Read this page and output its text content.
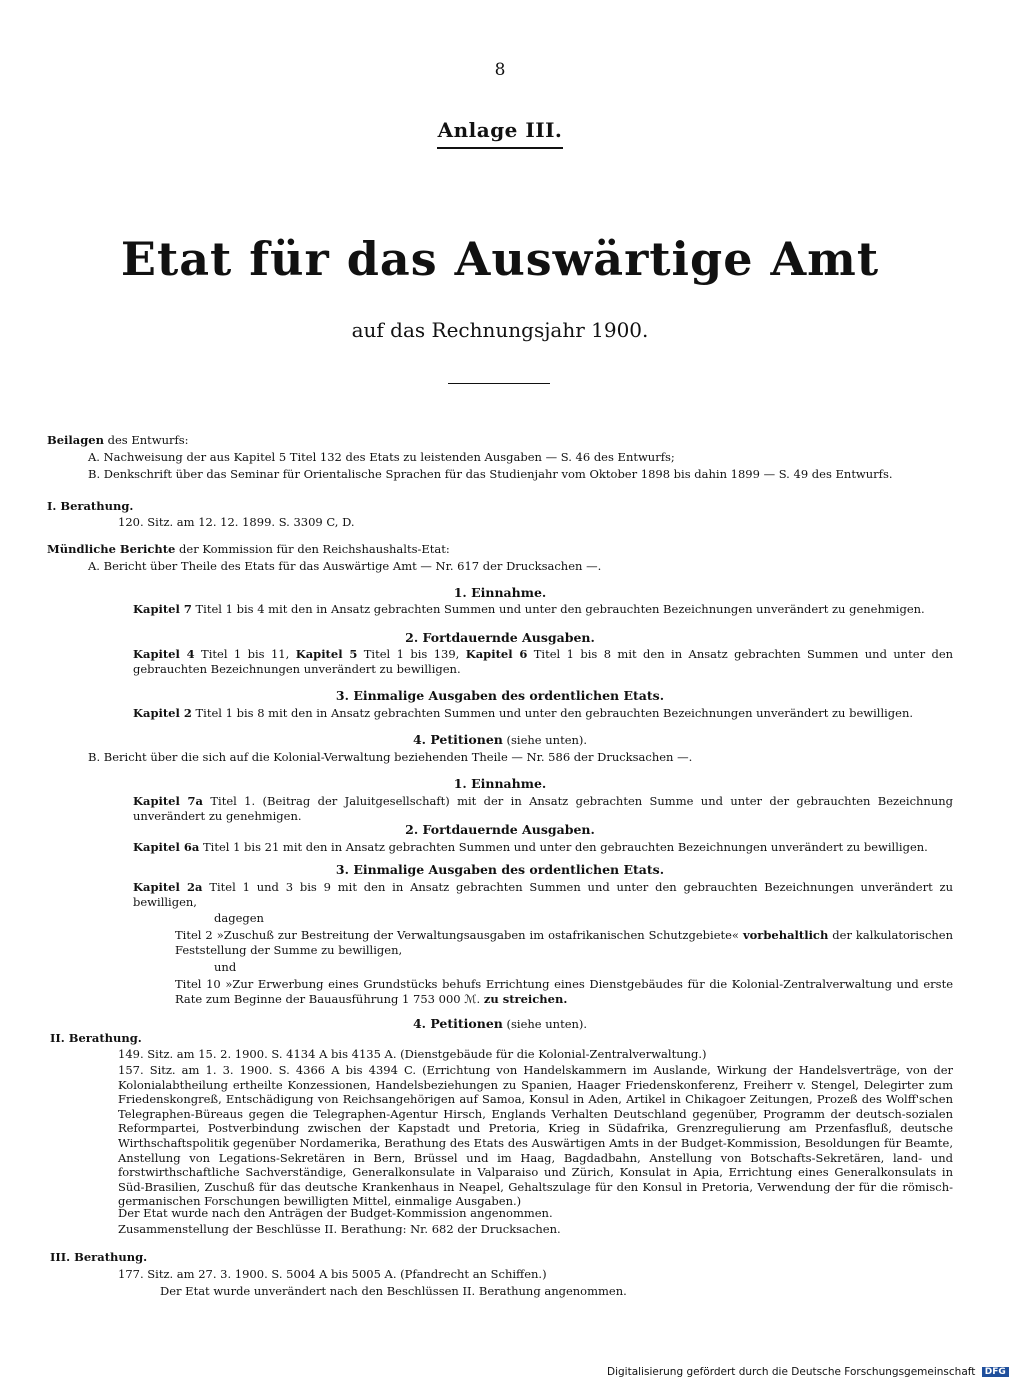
8
Anlage III.
Etat für das Auswärtige Amt
auf das Rechnungsjahr 1900.
Beilagen des Entwurfs:
A. Nachweisung der aus Kapitel 5 Titel 132 des Etats zu leistenden Ausgaben — S. 46 des Entwurfs;
B. Denkschrift über das Seminar für Orientalische Sprachen für das Studienjahr vom Oktober 1898 bis dahin 1899 — S. 49 des Entwurfs.
I. Berathung.
120. Sitz. am 12. 12. 1899. S. 3309 C, D.
Mündliche Berichte der Kommission für den Reichshaushalts-Etat:
A. Bericht über Theile des Etats für das Auswärtige Amt — Nr. 617 der Drucksachen —.
1. Einnahme.
Kapitel 7 Titel 1 bis 4 mit den in Ansatz gebrachten Summen und unter den gebrauchten Bezeichnungen unverändert zu genehmigen.
2. Fortdauernde Ausgaben.
Kapitel 4 Titel 1 bis 11, Kapitel 5 Titel 1 bis 139, Kapitel 6 Titel 1 bis 8 mit den in Ansatz gebrachten Summen und unter den gebrauchten Bezeichnungen unverändert zu bewilligen.
3. Einmalige Ausgaben des ordentlichen Etats.
Kapitel 2 Titel 1 bis 8 mit den in Ansatz gebrachten Summen und unter den gebrauchten Bezeichnungen unverändert zu bewilligen.
4. Petitionen (siehe unten).
B. Bericht über die sich auf die Kolonial-Verwaltung beziehenden Theile — Nr. 586 der Drucksachen —.
1. Einnahme.
Kapitel 7a Titel 1. (Beitrag der Jaluitgesellschaft) mit der in Ansatz gebrachten Summe und unter der gebrauchten Bezeichnung unverändert zu genehmigen.
2. Fortdauernde Ausgaben.
Kapitel 6a Titel 1 bis 21 mit den in Ansatz gebrachten Summen und unter den gebrauchten Bezeichnungen unverändert zu bewilligen.
3. Einmalige Ausgaben des ordentlichen Etats.
Kapitel 2a Titel 1 und 3 bis 9 mit den in Ansatz gebrachten Summen und unter den gebrauchten Bezeichnungen unverändert zu bewilligen,
dagegen
Titel 2 »Zuschuß zur Bestreitung der Verwaltungsausgaben im ostafrikanischen Schutzgebiete« vorbehaltlich der kalkulatorischen Feststellung der Summe zu bewilligen,
und
Titel 10 »Zur Erwerbung eines Grundstücks behufs Errichtung eines Dienstgebäudes für die Kolonial-Zentralverwaltung und erste Rate zum Beginne der Bauausführung 1 753 000 ℳ. zu streichen.
4. Petitionen (siehe unten).
II. Berathung.
149. Sitz. am 15. 2. 1900. S. 4134 A bis 4135 A. (Dienstgebäude für die Kolonial-Zentralverwaltung.)
157. Sitz. am 1. 3. 1900. S. 4366 A bis 4394 C. (Errichtung von Handelskammern im Auslande, Wirkung der Handelsverträge, von der Kolonialabtheilung ertheilte Konzessionen, Handelsbeziehungen zu Spanien, Haager Friedenskonferenz, Freiherr v. Stengel, Delegirter zum Friedenskongreß, Entschädigung von Reichsangehörigen auf Samoa, Konsul in Aden, Artikel in Chikagoer Zeitungen, Prozeß des Wolff'schen Telegraphen-Büreaus gegen die Telegraphen-Agentur Hirsch, Englands Verhalten Deutschland gegenüber, Programm der deutsch-sozialen Reformpartei, Postverbindung zwischen der Kapstadt und Pretoria, Krieg in Südafrika, Grenzregulierung am Przenfasfluß, deutsche Wirthschaftspolitik gegenüber Nordamerika, Berathung des Etats des Auswärtigen Amts in der Budget-Kommission, Besoldungen für Beamte, Anstellung von Legations-Sekretären in Bern, Brüssel und im Haag, Bagdadbahn, Anstellung von Botschafts-Sekretären, land- und forstwirthschaftliche Sachverständige, Generalkonsulate in Valparaiso und Zürich, Konsulat in Apia, Errichtung eines Generalkonsulats in Süd-Brasilien, Zuschuß für das deutsche Krankenhaus in Neapel, Gehaltszulage für den Konsul in Pretoria, Verwendung der für die römisch-germanischen Forschungen bewilligten Mittel, einmalige Ausgaben.)
Der Etat wurde nach den Anträgen der Budget-Kommission angenommen.
Zusammenstellung der Beschlüsse II. Berathung: Nr. 682 der Drucksachen.
III. Berathung.
177. Sitz. am 27. 3. 1900. S. 5004 A bis 5005 A. (Pfandrecht an Schiffen.)
Der Etat wurde unverändert nach den Beschlüssen II. Berathung angenommen.
Digitalisierung gefördert durch die Deutsche Forschungsgemeinschaft DFG
